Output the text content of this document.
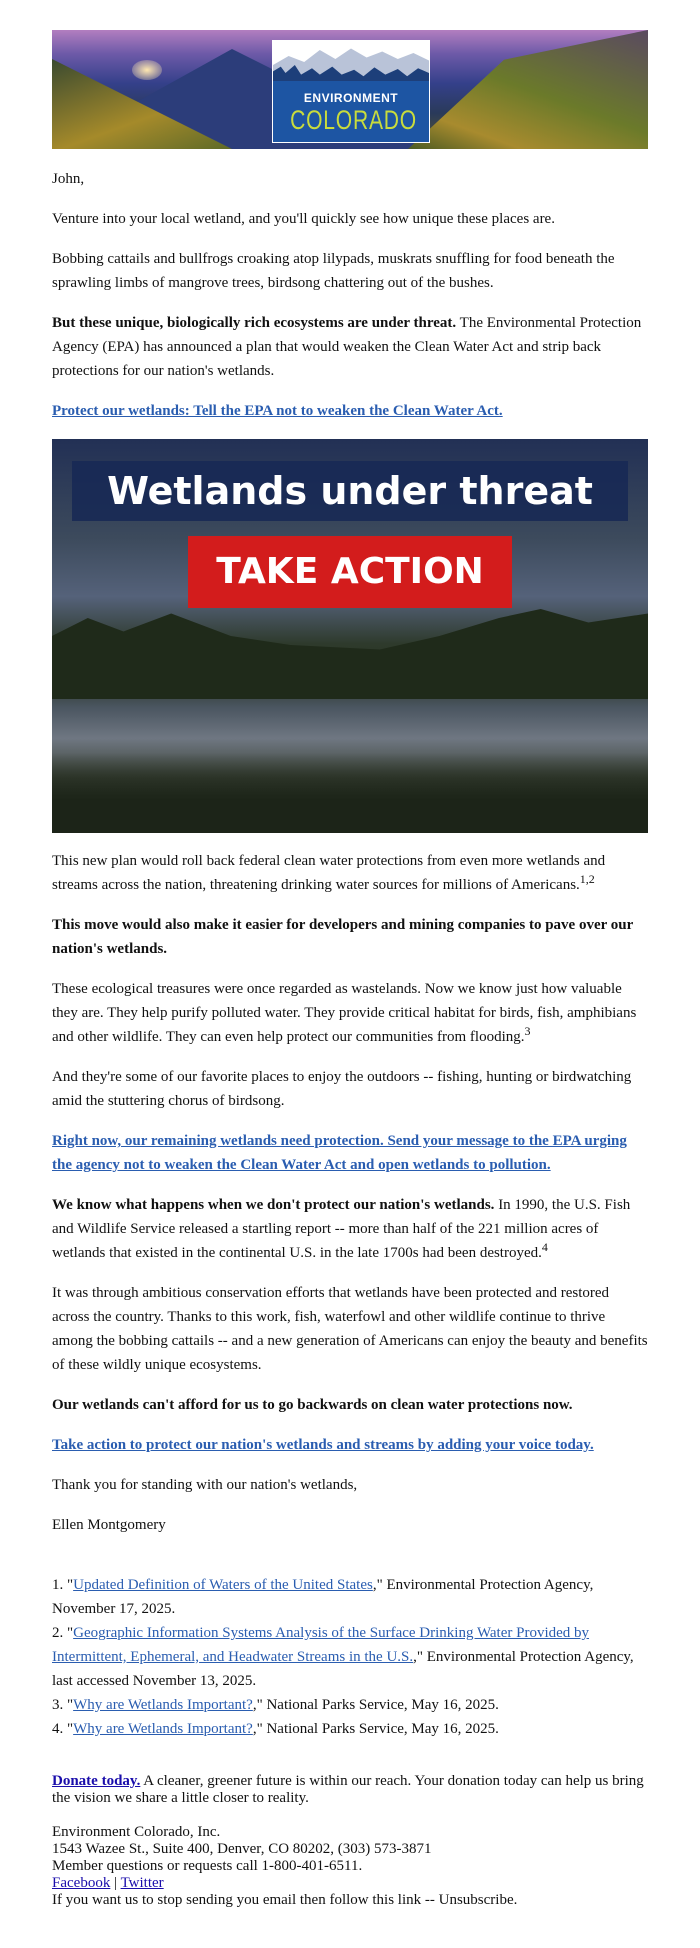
ENVIRONMENT
COLORADO

John,

Venture into your local wetland, and you'll quickly see how unique these places are.

Bobbing cattails and bullfrogs croaking atop lilypads, muskrats snuffling for food beneath the sprawling limbs of mangrove trees, birdsong chattering out of the bushes.

But these unique, biologically rich ecosystems are under threat. The Environmental Protection Agency (EPA) has announced a plan that would weaken the Clean Water Act and strip back protections for our nation's wetlands.

Protect our wetlands: Tell the EPA not to weaken the Clean Water Act.

Wetlands under threat
TAKE ACTION

This new plan would roll back federal clean water protections from even more wetlands and streams across the nation, threatening drinking water sources for millions of Americans.$^{1,2}$

This move would also make it easier for developers and mining companies to pave over our nation's wetlands.

These ecological treasures were once regarded as wastelands. Now we know just how valuable they are. They help purify polluted water. They provide critical habitat for birds, fish, amphibians and other wildlife. They can even help protect our communities from flooding.$^3$

And they're some of our favorite places to enjoy the outdoors -- fishing, hunting or birdwatching amid the stuttering chorus of birdsong.

Right now, our remaining wetlands need protection. Send your message to the EPA urging the agency not to weaken the Clean Water Act and open wetlands to pollution.

We know what happens when we don't protect our nation's wetlands. In 1990, the U.S. Fish and Wildlife Service released a startling report -- more than half of the 221 million acres of wetlands that existed in the continental U.S. in the late 1700s had been destroyed.$^4$

It was through ambitious conservation efforts that wetlands have been protected and restored across the country. Thanks to this work, fish, waterfowl and other wildlife continue to thrive among the bobbing cattails -- and a new generation of Americans can enjoy the beauty and benefits of these wildly unique ecosystems.

Our wetlands can't afford for us to go backwards on clean water protections now.

Take action to protect our nation's wetlands and streams by adding your voice today.

Thank you for standing with our nation's wetlands,

Ellen Montgomery

1. "Updated Definition of Waters of the United States," Environmental Protection Agency, November 17, 2025.
2. "Geographic Information Systems Analysis of the Surface Drinking Water Provided by Intermittent, Ephemeral, and Headwater Streams in the U.S.," Environmental Protection Agency, last accessed November 13, 2025.
3. "Why are Wetlands Important?," National Parks Service, May 16, 2025.
4. "Why are Wetlands Important?," National Parks Service, May 16, 2025.
Donate today. A cleaner, greener future is within our reach. Your donation today can help us bring the vision we share a little closer to reality.
Environment Colorado, Inc.
1543 Wazee St., Suite 400, Denver, CO 80202, (303) 573-3871
Member questions or requests call 1-800-401-6511.
Facebook | Twitter
If you want us to stop sending you email then follow this link -- Unsubscribe.
